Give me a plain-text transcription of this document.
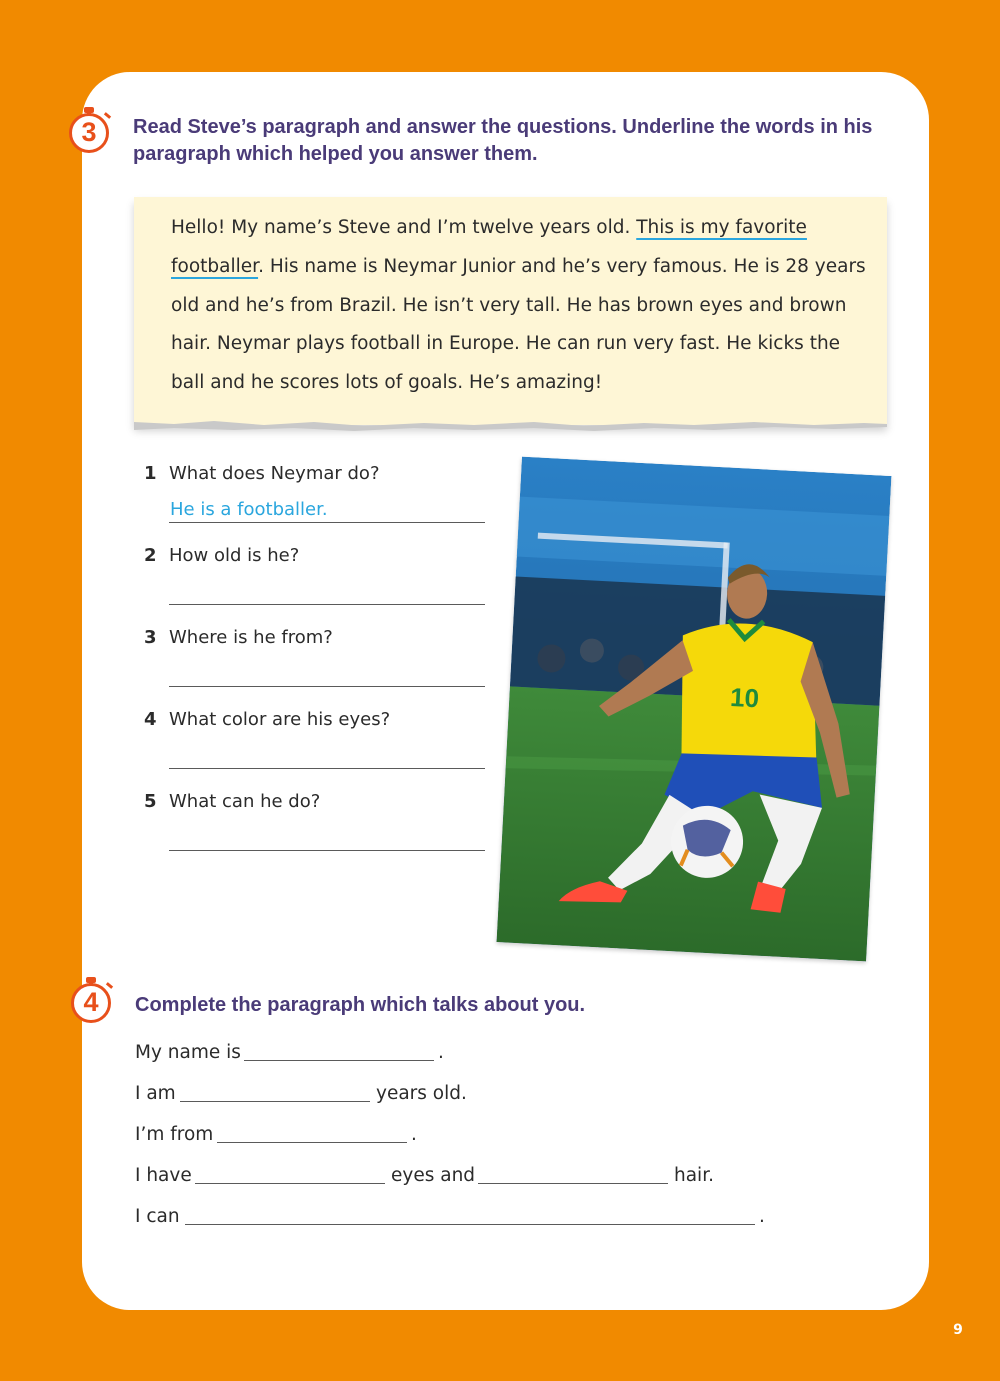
3	Read Steve’s paragraph and answer the questions. Underline the words in his
paragraph which helped you answer them.
Hello! My name’s Steve and I’m twelve years old. This is my favorite
footballer. His name is Neymar Junior and he’s very famous. He is 28 years old and he’s from Brazil. He isn’t very tall. He has brown eyes and brown hair. Neymar plays football in Europe. He can run very fast. He kicks the ball and he scores lots of goals. He’s amazing!
1 What does Neymar do?
He is a footballer.
2 How old is he?
3 Where is he from?
4 What color are his eyes?
5 What can he do?
10
4	Complete the paragraph which talks about you.
My name is	.
I am	years old.
I’m from	.
I have	eyes and	hair.
I can	.
9
